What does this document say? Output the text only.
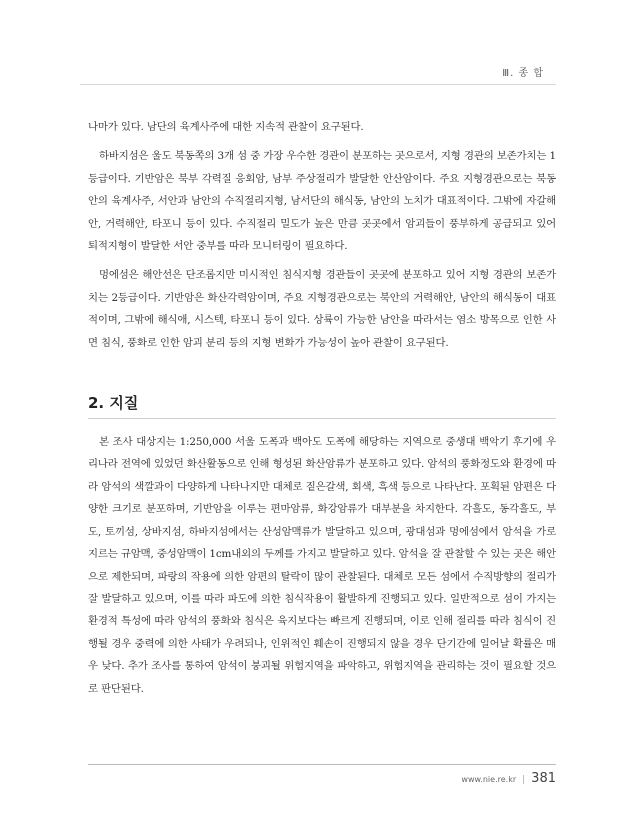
Ⅲ. 종 합

나마가 있다. 남단의 육계사주에 대한 지속적 관찰이 요구된다.

하바지섬은 울도 북동쪽의 3개 섬 중 가장 우수한 경관이 분포하는 곳으로서, 지형 경관의 보존가치는 1등급이다. 기반암은 북부 각력질 응회암, 남부 주상절리가 발달한 안산암이다. 주요 지형경관으로는 북동안의 육계사주, 서안과 남안의 수직절리지형, 남서단의 해식동, 남안의 노치가 대표적이다. 그밖에 자갈해안, 거력해안, 타포니 등이 있다. 수직절리 밀도가 높은 만큼 곳곳에서 암괴들이 풍부하게 공급되고 있어 퇴적지형이 발달한 서안 중부를 따라 모니터링이 필요하다.

멍에섬은 해안선은 단조롭지만 미시적인 침식지형 경관들이 곳곳에 분포하고 있어 지형 경관의 보존가치는 2등급이다. 기반암은 화산각력암이며, 주요 지형경관으로는 북안의 거력해안, 남안의 해식동이 대표적이며, 그밖에 해식애, 시스텍, 타포니 등이 있다. 상륙이 가능한 남안을 따라서는 염소 방목으로 인한 사면 침식, 풍화로 인한 암괴 분리 등의 지형 변화가 가능성이 높아 관찰이 요구된다.

2. 지질

본 조사 대상지는 1:250,000 서울 도폭과 백아도 도폭에 해당하는 지역으로 중생대 백악기 후기에 우리나라 전역에 있었던 화산활동으로 인해 형성된 화산암류가 분포하고 있다. 암석의 풍화정도와 환경에 따라 암석의 색깔과이 다양하게 나타나지만 대체로 짙은갈색, 회색, 흑색 등으로 나타난다. 포획된 암편은 다양한 크기로 분포하며, 기반암을 이루는 편마암류, 화강암류가 대부분을 차지한다. 각흘도, 동각흘도, 부도, 토끼섬, 상바지섬, 하바지섬에서는 산성암맥류가 발달하고 있으며, 광대섬과 멍에섬에서 암석을 가로지르는 규암맥, 중성암맥이 1cm내외의 두께를 가지고 발달하고 있다. 암석을 잘 관찰할 수 있는 곳은 해안으로 제한되며, 파랑의 작용에 의한 암편의 탈락이 많이 관찰된다. 대체로 모든 섬에서 수직방향의 절리가 잘 발달하고 있으며, 이를 따라 파도에 의한 침식작용이 활발하게 진행되고 있다. 일반적으로 섬이 가지는 환경적 특성에 따라 암석의 풍화와 침식은 육지보다는 빠르게 진행되며, 이로 인해 절리를 따라 침식이 진행될 경우 중력에 의한 사태가 우려되나, 인위적인 훼손이 진행되지 않을 경우 단기간에 일어날 확률은 매우 낮다. 추가 조사를 통하여 암석이 붕괴될 위험지역을 파악하고, 위험지역을 관리하는 것이 필요할 것으로 판단된다.

www.nie.re.kr | 381
